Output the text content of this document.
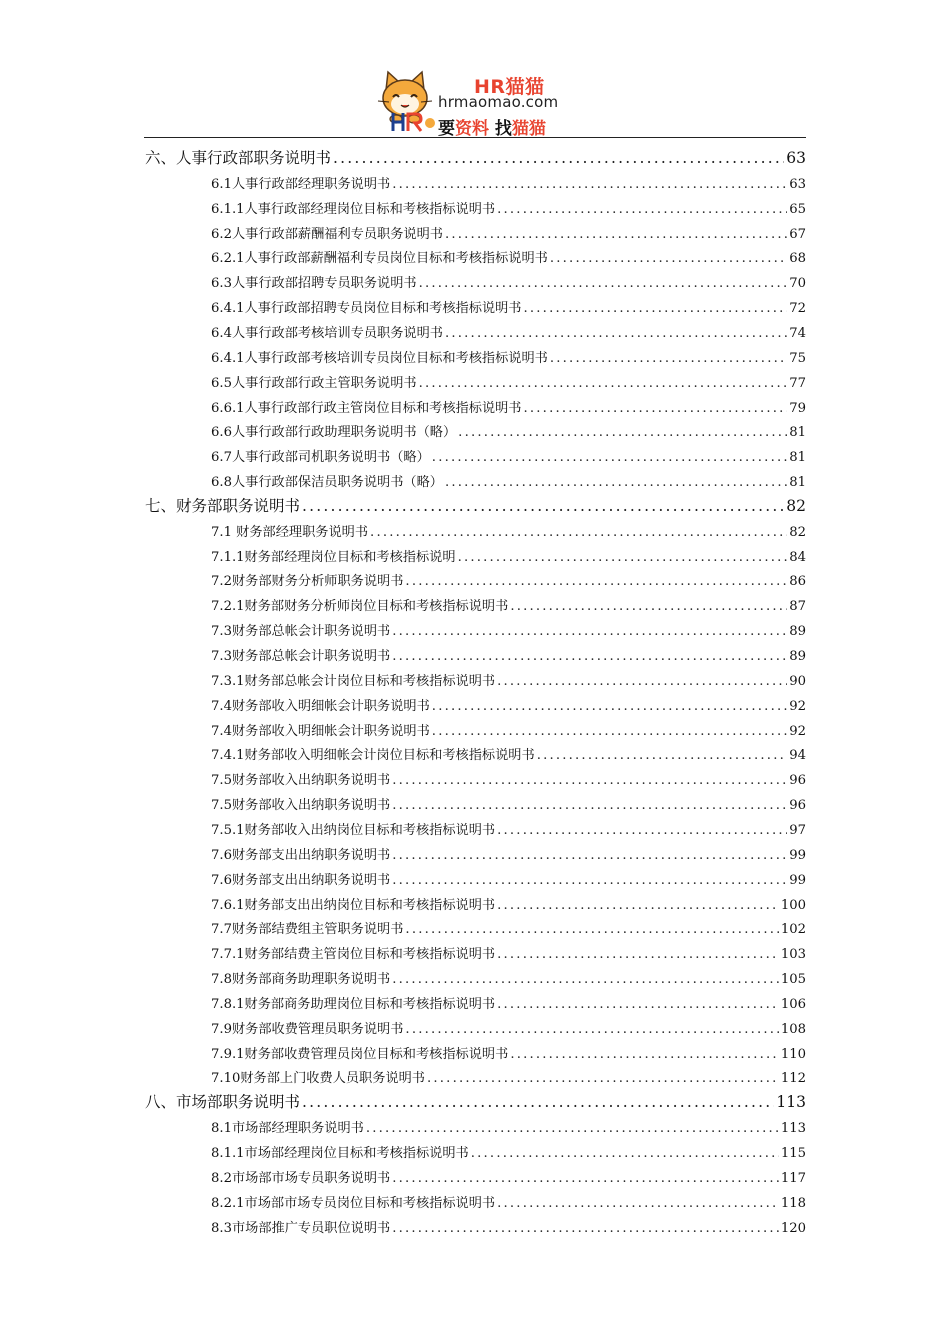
HR猫猫
hrmaomao.com
要资料 找猫猫
六、人事行政部职务说明书 .....	63
6.1人事行政部经理职务说明书 .....	63
6.1.1人事行政部经理岗位目标和考核指标说明书 .....	65
6.2人事行政部薪酬福利专员职务说明书 .....	67
6.2.1人事行政部薪酬福利专员岗位目标和考核指标说明书 .....	68
6.3人事行政部招聘专员职务说明书 .....	70
6.4.1人事行政部招聘专员岗位目标和考核指标说明书 .....	72
6.4人事行政部考核培训专员职务说明书 .....	74
6.4.1人事行政部考核培训专员岗位目标和考核指标说明书 .....	75
6.5人事行政部行政主管职务说明书 .....	77
6.6.1人事行政部行政主管岗位目标和考核指标说明书 .....	79
6.6人事行政部行政助理职务说明书（略） .....	81
6.7人事行政部司机职务说明书（略） .....	81
6.8人事行政部保洁员职务说明书（略） .....	81
七、财务部职务说明书 .....	82
7.1 财务部经理职务说明书 .....	82
7.1.1财务部经理岗位目标和考核指标说明 .....	84
7.2财务部财务分析师职务说明书 .....	86
7.2.1财务部财务分析师岗位目标和考核指标说明书 .....	87
7.3财务部总帐会计职务说明书 .....	89
7.3财务部总帐会计职务说明书 .....	89
7.3.1财务部总帐会计岗位目标和考核指标说明书 .....	90
7.4财务部收入明细帐会计职务说明书 .....	92
7.4财务部收入明细帐会计职务说明书 .....	92
7.4.1财务部收入明细帐会计岗位目标和考核指标说明书 .....	94
7.5财务部收入出纳职务说明书 .....	96
7.5财务部收入出纳职务说明书 .....	96
7.5.1财务部收入出纳岗位目标和考核指标说明书 .....	97
7.6财务部支出出纳职务说明书 .....	99
7.6财务部支出出纳职务说明书 .....	99
7.6.1财务部支出出纳岗位目标和考核指标说明书 .....	100
7.7财务部结费组主管职务说明书 .....	102
7.7.1财务部结费主管岗位目标和考核指标说明书 .....	103
7.8财务部商务助理职务说明书 .....	105
7.8.1财务部商务助理岗位目标和考核指标说明书 .....	106
7.9财务部收费管理员职务说明书 .....	108
7.9.1财务部收费管理员岗位目标和考核指标说明书 .....	110
7.10财务部上门收费人员职务说明书 .....	112
八、市场部职务说明书 .....	113
8.1市场部经理职务说明书 .....	113
8.1.1市场部经理岗位目标和考核指标说明书 .....	115
8.2市场部市场专员职务说明书 .....	117
8.2.1市场部市场专员岗位目标和考核指标说明书 .....	118
8.3市场部推广专员职位说明书 .....	120
